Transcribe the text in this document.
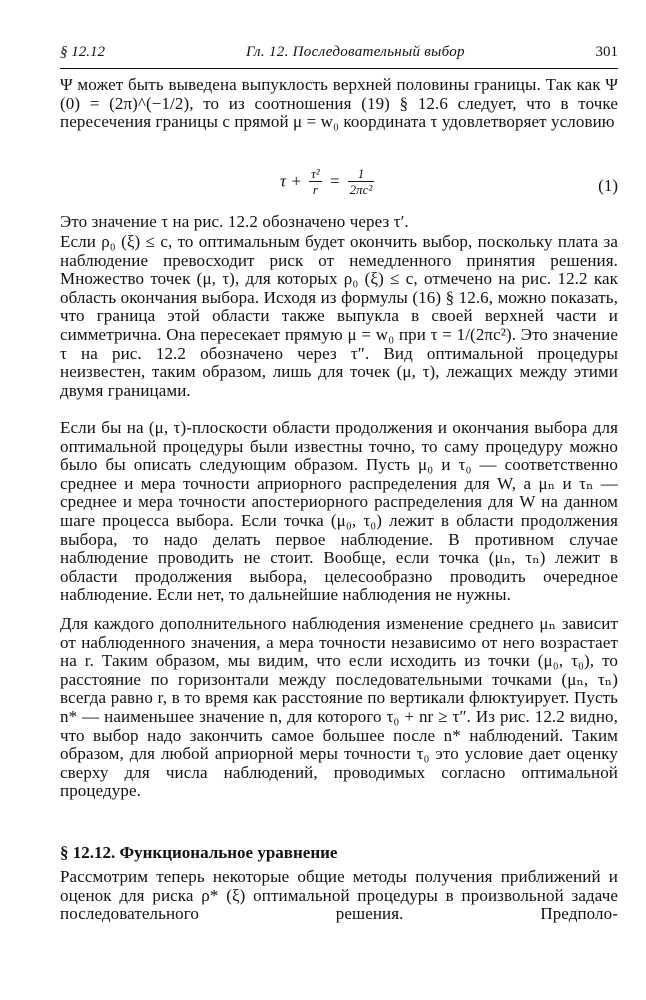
§ 12.12	Гл. 12. Последовательный выбор	301

Ψ может быть выведена выпуклость верхней половины границы. Так как Ψ (0) = (2π)^(−1/2), то из соотношения (19) § 12.6 следует, что в точке пересечения границы с прямой μ = w₀ координата τ удовлетворяет условию

$\tau + \frac{\text{τ²}}{r} = \frac{1}{\text{2πc²}}$	(1)

Это значение τ на рис. 12.2 обозначено через τ′.

Если ρ₀ (ξ) ≤ c, то оптимальным будет окончить выбор, поскольку плата за наблюдение превосходит риск от немедленного принятия решения. Множество точек (μ, τ), для которых ρ₀ (ξ) ≤ c, отмечено на рис. 12.2 как область окончания выбора. Исходя из формулы (16) § 12.6, можно показать, что граница этой области также выпукла в своей верхней части и симметрична. Она пересекает прямую μ = w₀ при τ = 1/(2πc²). Это значение τ на рис. 12.2 обозначено через τ″. Вид оптимальной процедуры неизвестен, таким образом, лишь для точек (μ, τ), лежащих между этими двумя границами.

Если бы на (μ, τ)-плоскости области продолжения и окончания выбора для оптимальной процедуры были известны точно, то саму процедуру можно было бы описать следующим образом. Пусть μ₀ и τ₀ — соответственно среднее и мера точности априорного распределения для W, а μₙ и τₙ — среднее и мера точности апостериорного распределения для W на данном шаге процесса выбора. Если точка (μ₀, τ₀) лежит в области продолжения выбора, то надо делать первое наблюдение. В противном случае наблюдение проводить не стоит. Вообще, если точка (μₙ, τₙ) лежит в области продолжения выбора, целесообразно проводить очередное наблюдение. Если нет, то дальнейшие наблюдения не нужны.

Для каждого дополнительного наблюдения изменение среднего μₙ зависит от наблюденного значения, а мера точности независимо от него возрастает на r. Таким образом, мы видим, что если исходить из точки (μ₀, τ₀), то расстояние по горизонтали между последовательными точками (μₙ, τₙ) всегда равно r, в то время как расстояние по вертикали флюктуирует. Пусть n* — наименьшее значение n, для которого τ₀ + nr ≥ τ″. Из рис. 12.2 видно, что выбор надо закончить самое большее после n* наблюдений. Таким образом, для любой априорной меры точности τ₀ это условие дает оценку сверху для числа наблюдений, проводимых согласно оптимальной процедуре.

§ 12.12. Функциональное уравнение

Рассмотрим теперь некоторые общие методы получения приближений и оценок для риска ρ* (ξ) оптимальной процедуры в произвольной задаче последовательного решения. Предполо-
